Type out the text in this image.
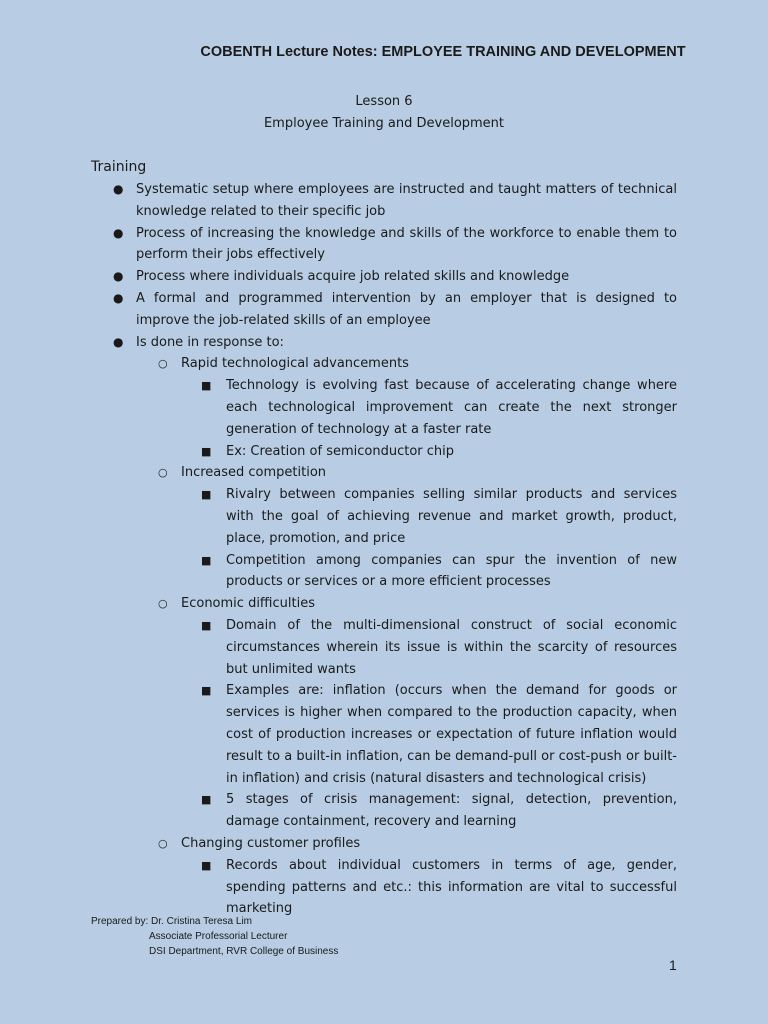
COBENTH Lecture Notes: EMPLOYEE TRAINING AND DEVELOPMENT
Lesson 6
Employee Training and Development
Training
● Systematic setup where employees are instructed and taught matters of technical knowledge related to their specific job
● Process of increasing the knowledge and skills of the workforce to enable them to perform their jobs effectively
● Process where individuals acquire job related skills and knowledge
● A formal and programmed intervention by an employer that is designed to improve the job-related skills of an employee
● Is done in response to:
○ Rapid technological advancements
■ Technology is evolving fast because of accelerating change where each technological improvement can create the next stronger generation of technology at a faster rate
■ Ex: Creation of semiconductor chip
○ Increased competition
■ Rivalry between companies selling similar products and services with the goal of achieving revenue and market growth, product, place, promotion, and price
■ Competition among companies can spur the invention of new products or services or a more efficient processes
○ Economic difficulties
■ Domain of the multi-dimensional construct of social economic circumstances wherein its issue is within the scarcity of resources but unlimited wants
■ Examples are: inflation (occurs when the demand for goods or services is higher when compared to the production capacity, when cost of production increases or expectation of future inflation would result to a built-in inflation, can be demand-pull or cost-push or built-in inflation) and crisis (natural disasters and technological crisis)
■ 5 stages of crisis management: signal, detection, prevention, damage containment, recovery and learning
○ Changing customer profiles
■ Records about individual customers in terms of age, gender, spending patterns and etc.: this information are vital to successful marketing
Prepared by: Dr. Cristina Teresa Lim
Associate Professorial Lecturer
DSI Department, RVR College of Business
1
